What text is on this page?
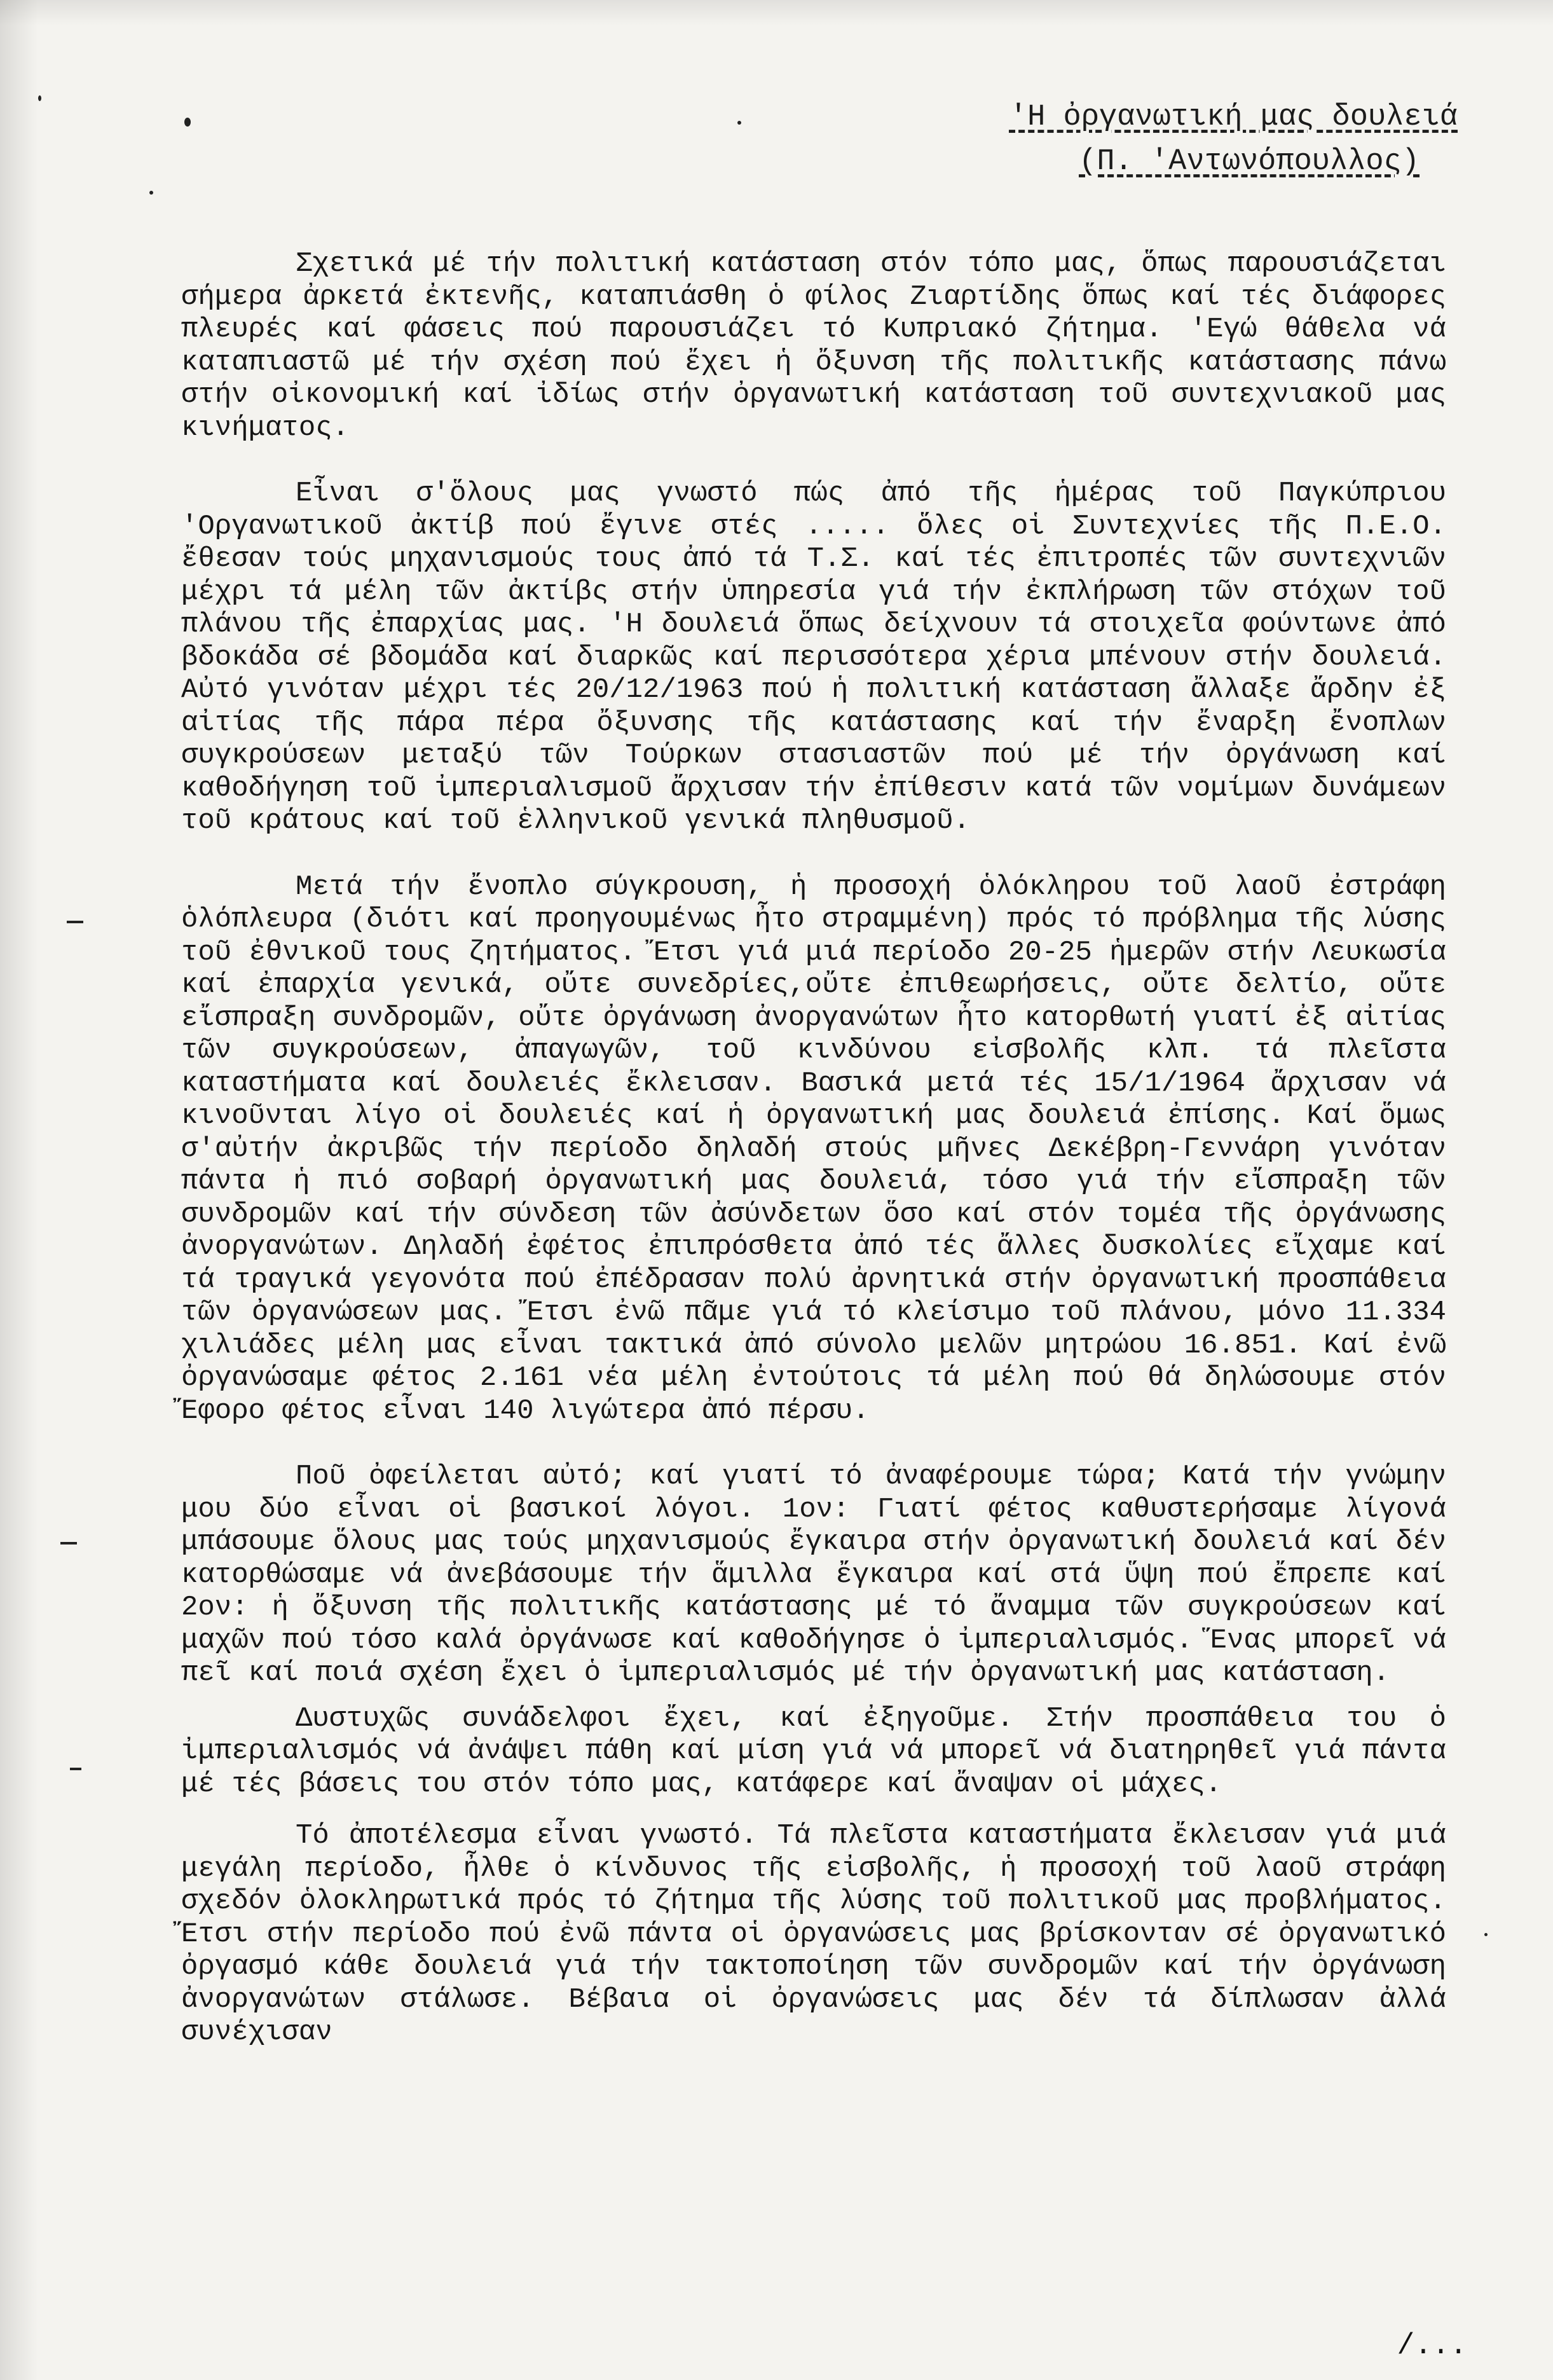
'Η ὀργανωτική μας δουλειά
(Π. 'Αντωνόπουλλος)

Σχετικά μέ τήν πολιτική κατάσταση στόν τόπο μας, ὅπως παρουσιάζεται σήμερα ἀρκετά ἐκτενῆς, καταπιάσθη ὁ φίλος Ζιαρτίδης ὅπως καί τές διάφορες πλευρές καί φάσεις πού παρουσιάζει τό Κυπριακό ζήτημα. 'Εγώ θάθελα νά καταπιαστῶ μέ τήν σχέση πού ἔχει ἡ ὄξυνση τῆς πολιτικῆς κατάστασης πάνω στήν οἰκονομική καί ἰδίως στήν ὀργανωτική κατάσταση τοῦ συντεχνιακοῦ μας κινήματος.

Εἶναι σ'ὅλους μας γνωστό πώς ἀπό τῆς ἡμέρας τοῦ Παγκύπριου 'Οργανωτικοῦ ἀκτίβ πού ἔγινε στές ..... ὅλες οἱ Συντεχνίες τῆς Π.Ε.Ο. ἔθεσαν τούς μηχανισμούς τους ἀπό τά Τ.Σ. καί τές ἐπιτροπές τῶν συντεχνιῶν μέχρι τά μέλη τῶν ἀκτίβς στήν ὑπηρεσία γιά τήν ἐκπλήρωση τῶν στόχων τοῦ πλάνου τῆς ἐπαρχίας μας. 'Η δουλειά ὅπως δείχνουν τά στοιχεῖα φούντωνε ἀπό βδοκάδα σέ βδομάδα καί διαρκῶς καί περισσότερα χέρια μπένουν στήν δουλειά. Αὐτό γινόταν μέχρι τές 20/12/1963 πού ἡ πολιτική κατάσταση ἄλλαξε ἄρδην ἐξ αἰτίας τῆς πάρα πέρα ὄξυνσης τῆς κατάστασης καί τήν ἔναρξη ἔνοπλων συγκρούσεων μεταξύ τῶν Τούρκων στασιαστῶν πού μέ τήν ὀργάνωση καί καθοδήγηση τοῦ ἰμπεριαλισμοῦ ἄρχισαν τήν ἐπίθεσιν κατά τῶν νομίμων δυνάμεων τοῦ κράτους καί τοῦ ἑλληνικοῦ γενικά πληθυσμοῦ.

Μετά τήν ἔνοπλο σύγκρουση, ἡ προσοχή ὁλόκληρου τοῦ λαοῦ ἐστράφη ὁλόπλευρα (διότι καί προηγουμένως ἦτο στραμμένη) πρός τό πρόβλημα τῆς λύσης τοῦ ἐθνικοῦ τους ζητήματος. Ἔτσι γιά μιά περίοδο 20-25 ἡμερῶν στήν Λευκωσία καί ἐπαρχία γενικά, οὔτε συνεδρίες,οὔτε ἐπιθεωρήσεις, οὔτε δελτίο, οὔτε εἴσπραξη συνδρομῶν, οὔτε ὀργάνωση ἀνοργανώτων ἦτο κατορθωτή γιατί ἐξ αἰτίας τῶν συγκρούσεων, ἀπαγωγῶν, τοῦ κινδύνου εἰσβολῆς κλπ. τά πλεῖστα καταστήματα καί δουλειές ἔκλεισαν. Βασικά μετά τές 15/1/1964 ἄρχισαν νά κινοῦνται λίγο οἱ δουλειές καί ἡ ὀργανωτική μας δουλειά ἐπίσης. Καί ὅμως σ'αὐτήν ἀκριβῶς τήν περίοδο δηλαδή στούς μῆνες Δεκέβρη-Γεννάρη γινόταν πάντα ἡ πιό σοβαρή ὀργανωτική μας δουλειά, τόσο γιά τήν εἴσπραξη τῶν συνδρομῶν καί τήν σύνδεση τῶν ἀσύνδετων ὅσο καί στόν τομέα τῆς ὀργάνωσης ἀνοργανώτων. Δηλαδή ἐφέτος ἐπιπρόσθετα ἀπό τές ἄλλες δυσκολίες εἴχαμε καί τά τραγικά γεγονότα πού ἐπέδρασαν πολύ ἀρνητικά στήν ὀργανωτική προσπάθεια τῶν ὀργανώσεων μας. Ἔτσι ἐνῶ πᾶμε γιά τό κλείσιμο τοῦ πλάνου, μόνο 11.334 χιλιάδες μέλη μας εἶναι τακτικά ἀπό σύνολο μελῶν μητρώου 16.851. Καί ἐνῶ ὀργανώσαμε φέτος 2.161 νέα μέλη ἐντούτοις τά μέλη πού θά δηλώσουμε στόν Ἔφορο φέτος εἶναι 140 λιγώτερα ἀπό πέρσυ.

Ποῦ ὀφείλεται αὐτό; καί γιατί τό ἀναφέρουμε τώρα; Κατά τήν γνώμην μου δύο εἶναι οἱ βασικοί λόγοι. 1ον: Γιατί φέτος καθυστερήσαμε λίγονά μπάσουμε ὅλους μας τούς μηχανισμούς ἔγκαιρα στήν ὀργανωτική δουλειά καί δέν κατορθώσαμε νά ἀνεβάσουμε τήν ἅμιλλα ἔγκαιρα καί στά ὕψη πού ἔπρεπε καί 2ον: ἡ ὄξυνση τῆς πολιτικῆς κατάστασης μέ τό ἄναμμα τῶν συγκρούσεων καί μαχῶν πού τόσο καλά ὀργάνωσε καί καθοδήγησε ὁ ἰμπεριαλισμός. Ἕνας μπορεῖ νά πεῖ καί ποιά σχέση ἔχει ὁ ἰμπεριαλισμός μέ τήν ὀργανωτική μας κατάσταση.

Δυστυχῶς συνάδελφοι ἔχει, καί ἐξηγοῦμε. Στήν προσπάθεια του ὁ ἰμπεριαλισμός νά ἀνάψει πάθη καί μίση γιά νά μπορεῖ νά διατηρηθεῖ γιά πάντα μέ τές βάσεις του στόν τόπο μας, κατάφερε καί ἄναψαν οἱ μάχες.

Τό ἀποτέλεσμα εἶναι γνωστό. Τά πλεῖστα καταστήματα ἔκλεισαν γιά μιά μεγάλη περίοδο, ἦλθε ὁ κίνδυνος τῆς εἰσβολῆς, ἡ προσοχή τοῦ λαοῦ στράφη σχεδόν ὁλοκληρωτικά πρός τό ζήτημα τῆς λύσης τοῦ πολιτικοῦ μας προβλήματος. Ἔτσι στήν περίοδο πού ἐνῶ πάντα οἱ ὀργανώσεις μας βρίσκονταν σέ ὀργανωτικό ὀργασμό κάθε δουλειά γιά τήν τακτοποίηση τῶν συνδρομῶν καί τήν ὀργάνωση ἀνοργανώτων στάλωσε. Βέβαια οἱ ὀργανώσεις μας δέν τά δίπλωσαν ἀλλά συνέχισαν

/...
